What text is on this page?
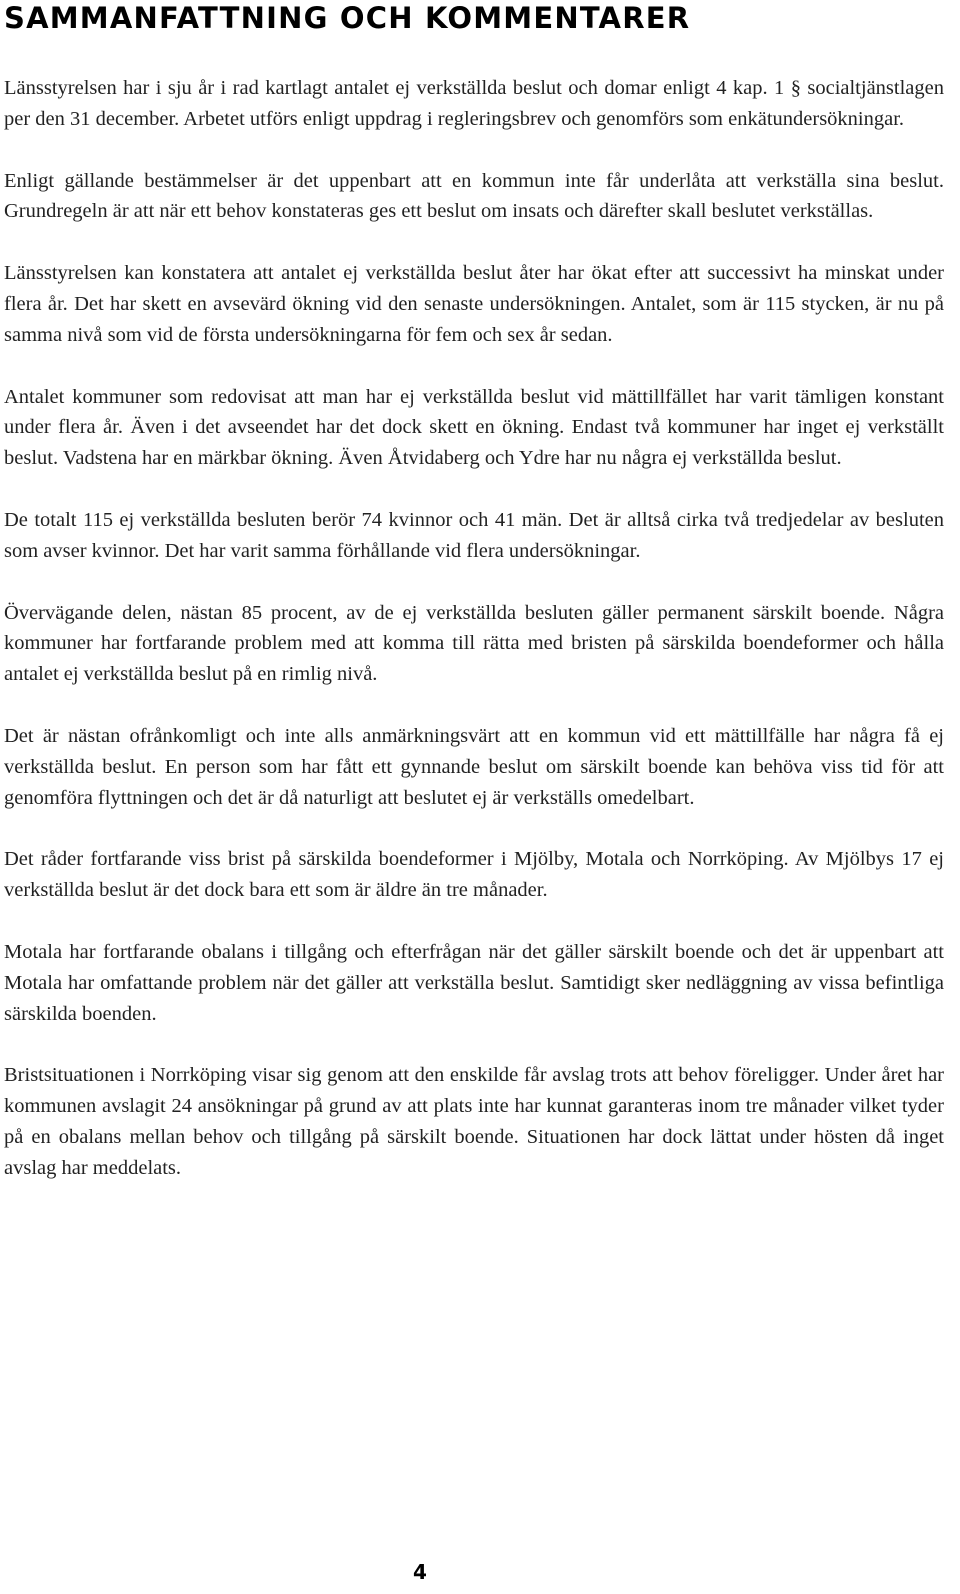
SAMMANFATTNING OCH KOMMENTARER

Länsstyrelsen har i sju år i rad kartlagt antalet ej verkställda beslut och domar enligt 4 kap. 1 § socialtjänstlagen per den 31 december. Arbetet utförs enligt uppdrag i regleringsbrev och genomförs som enkätundersökningar.

Enligt gällande bestämmelser är det uppenbart att en kommun inte får underlåta att verkställa sina beslut. Grundregeln är att när ett behov konstateras ges ett beslut om insats och därefter skall beslutet verkställas.

Länsstyrelsen kan konstatera att antalet ej verkställda beslut åter har ökat efter att successivt ha minskat under flera år. Det har skett en avsevärd ökning vid den senaste undersökningen. Antalet, som är 115 stycken, är nu på samma nivå som vid de första undersökningarna för fem och sex år sedan.

Antalet kommuner som redovisat att man har ej verkställda beslut vid mättillfället har varit tämligen konstant under flera år. Även i det avseendet har det dock skett en ökning. Endast två kommuner har inget ej verkställt beslut. Vadstena har en märkbar ökning. Även Åtvidaberg och Ydre har nu några ej verkställda beslut.

De totalt 115 ej verkställda besluten berör 74 kvinnor och 41 män. Det är alltså cirka två tredjedelar av besluten som avser kvinnor. Det har varit samma förhållande vid flera undersökningar.

Övervägande delen, nästan 85 procent, av de ej verkställda besluten gäller permanent särskilt boende. Några kommuner har fortfarande problem med att komma till rätta med bristen på särskilda boendeformer och hålla antalet ej verkställda beslut på en rimlig nivå.

Det är nästan ofrånkomligt och inte alls anmärkningsvärt att en kommun vid ett mättillfälle har några få ej verkställda beslut. En person som har fått ett gynnande beslut om särskilt boende kan behöva viss tid för att genomföra flyttningen och det är då naturligt att beslutet ej är verkställs omedelbart.

Det råder fortfarande viss brist på särskilda boendeformer i Mjölby, Motala och Norrköping. Av Mjölbys 17 ej verkställda beslut är det dock bara ett som är äldre än tre månader.

Motala har fortfarande obalans i tillgång och efterfrågan när det gäller särskilt boende och det är uppenbart att Motala har omfattande problem när det gäller att verkställa beslut. Samtidigt sker nedläggning av vissa befintliga särskilda boenden.

Bristsituationen i Norrköping visar sig genom att den enskilde får avslag trots att behov föreligger. Under året har kommunen avslagit 24 ansökningar på grund av att plats inte har kunnat garanteras inom tre månader vilket tyder på en obalans mellan behov och tillgång på särskilt boende. Situationen har dock lättat under hösten då inget avslag har meddelats.

4
